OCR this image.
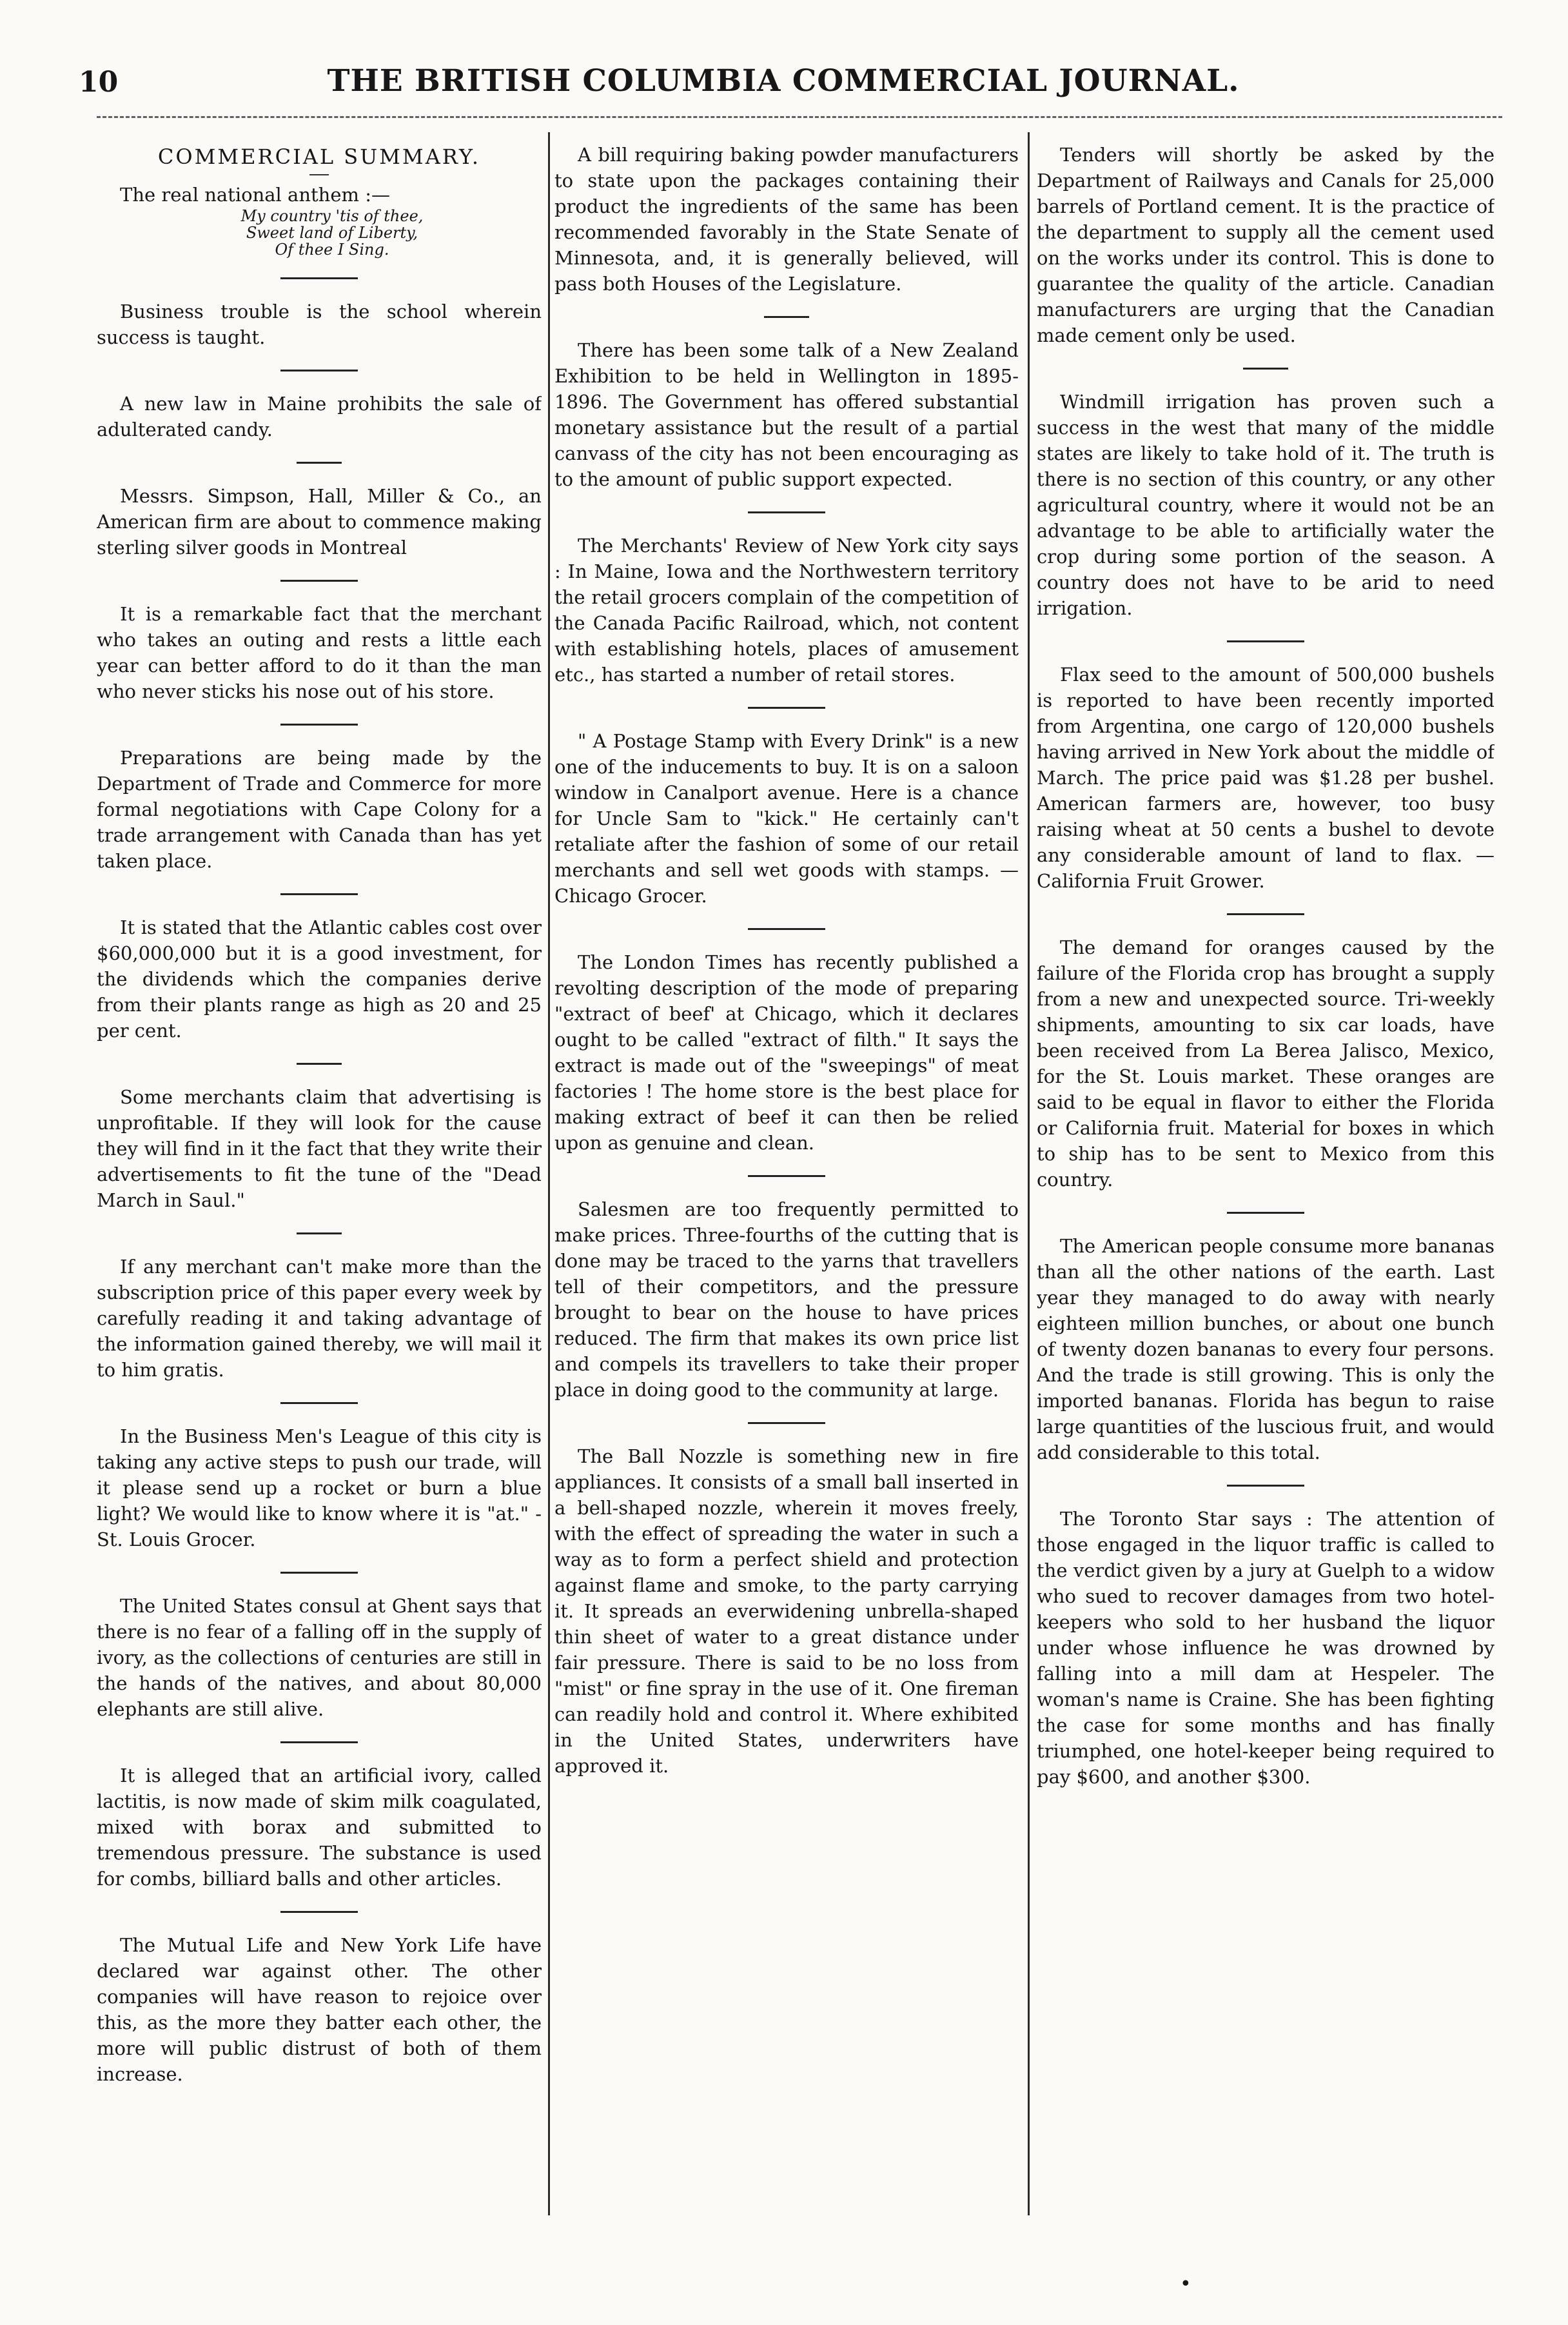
10	THE BRITISH COLUMBIA COMMERCIAL JOURNAL.
COMMERCIAL SUMMARY.

The real national anthem :—

My country 'tis of thee,
Sweet land of Liberty,
Of thee I Sing.

Business trouble is the school wherein success is taught.

A new law in Maine prohibits the sale of adulterated candy.

Messrs. Simpson, Hall, Miller & Co., an American firm are about to commence making sterling silver goods in Montreal

It is a remarkable fact that the merchant who takes an outing and rests a little each year can better afford to do it than the man who never sticks his nose out of his store.

Preparations are being made by the Department of Trade and Commerce for more formal negotiations with Cape Colony for a trade arrangement with Canada than has yet taken place.

It is stated that the Atlantic cables cost over $60,000,000 but it is a good investment, for the dividends which the companies derive from their plants range as high as 20 and 25 per cent.

Some merchants claim that advertising is unprofitable. If they will look for the cause they will find in it the fact that they write their advertisements to fit the tune of the "Dead March in Saul."

If any merchant can't make more than the subscription price of this paper every week by carefully reading it and taking advantage of the information gained thereby, we will mail it to him gratis.

In the Business Men's League of this city is taking any active steps to push our trade, will it please send up a rocket or burn a blue light? We would like to know where it is "at." - St. Louis Grocer.

The United States consul at Ghent says that there is no fear of a falling off in the supply of ivory, as the collections of centuries are still in the hands of the natives, and about 80,000 elephants are still alive.

It is alleged that an artificial ivory, called lactitis, is now made of skim milk coagulated, mixed with borax and submitted to tremendous pressure. The substance is used for combs, billiard balls and other articles.

The Mutual Life and New York Life have declared war against other. The other companies will have reason to rejoice over this, as the more they batter each other, the more will public distrust of both of them increase.

A bill requiring baking powder manufacturers to state upon the packages containing their product the ingredients of the same has been recommended favorably in the State Senate of Minnesota, and, it is generally believed, will pass both Houses of the Legislature.

There has been some talk of a New Zealand Exhibition to be held in Wellington in 1895-1896. The Government has offered substantial monetary assistance but the result of a partial canvass of the city has not been encouraging as to the amount of public support expected.

The Merchants' Review of New York city says : In Maine, Iowa and the Northwestern territory the retail grocers complain of the competition of the Canada Pacific Railroad, which, not content with establishing hotels, places of amusement etc., has started a number of retail stores.

" A Postage Stamp with Every Drink" is a new one of the inducements to buy. It is on a saloon window in Canalport avenue. Here is a chance for Uncle Sam to "kick." He certainly can't retaliate after the fashion of some of our retail merchants and sell wet goods with stamps. —Chicago Grocer.

The London Times has recently published a revolting description of the mode of preparing "extract of beef' at Chicago, which it declares ought to be called "extract of filth." It says the extract is made out of the "sweepings" of meat factories ! The home store is the best place for making extract of beef it can then be relied upon as genuine and clean.

Salesmen are too frequently permitted to make prices. Three-fourths of the cutting that is done may be traced to the yarns that travellers tell of their competitors, and the pressure brought to bear on the house to have prices reduced. The firm that makes its own price list and compels its travellers to take their proper place in doing good to the community at large.

The Ball Nozzle is something new in fire appliances. It consists of a small ball inserted in a bell-shaped nozzle, wherein it moves freely, with the effect of spreading the water in such a way as to form a perfect shield and protection against flame and smoke, to the party carrying it. It spreads an everwidening unbrella-shaped thin sheet of water to a great distance under fair pressure. There is said to be no loss from "mist" or fine spray in the use of it. One fireman can readily hold and control it. Where exhibited in the United States, underwriters have approved it.

Tenders will shortly be asked by the Department of Railways and Canals for 25,000 barrels of Portland cement. It is the practice of the department to supply all the cement used on the works under its control. This is done to guarantee the quality of the article. Canadian manufacturers are urging that the Canadian made cement only be used.

Windmill irrigation has proven such a success in the west that many of the middle states are likely to take hold of it. The truth is there is no section of this country, or any other agricultural country, where it would not be an advantage to be able to artificially water the crop during some portion of the season. A country does not have to be arid to need irrigation.

Flax seed to the amount of 500,000 bushels is reported to have been recently imported from Argentina, one cargo of 120,000 bushels having arrived in New York about the middle of March. The price paid was $1.28 per bushel. American farmers are, however, too busy raising wheat at 50 cents a bushel to devote any considerable amount of land to flax. —California Fruit Grower.

The demand for oranges caused by the failure of the Florida crop has brought a supply from a new and unexpected source. Tri-weekly shipments, amounting to six car loads, have been received from La Berea Jalisco, Mexico, for the St. Louis market. These oranges are said to be equal in flavor to either the Florida or California fruit. Material for boxes in which to ship has to be sent to Mexico from this country.

The American people consume more bananas than all the other nations of the earth. Last year they managed to do away with nearly eighteen million bunches, or about one bunch of twenty dozen bananas to every four persons. And the trade is still growing. This is only the imported bananas. Florida has begun to raise large quantities of the luscious fruit, and would add considerable to this total.

The Toronto Star says : The attention of those engaged in the liquor traffic is called to the verdict given by a jury at Guelph to a widow who sued to recover damages from two hotel-keepers who sold to her husband the liquor under whose influence he was drowned by falling into a mill dam at Hespeler. The woman's name is Craine. She has been fighting the case for some months and has finally triumphed, one hotel-keeper being required to pay $600, and another $300.

•
